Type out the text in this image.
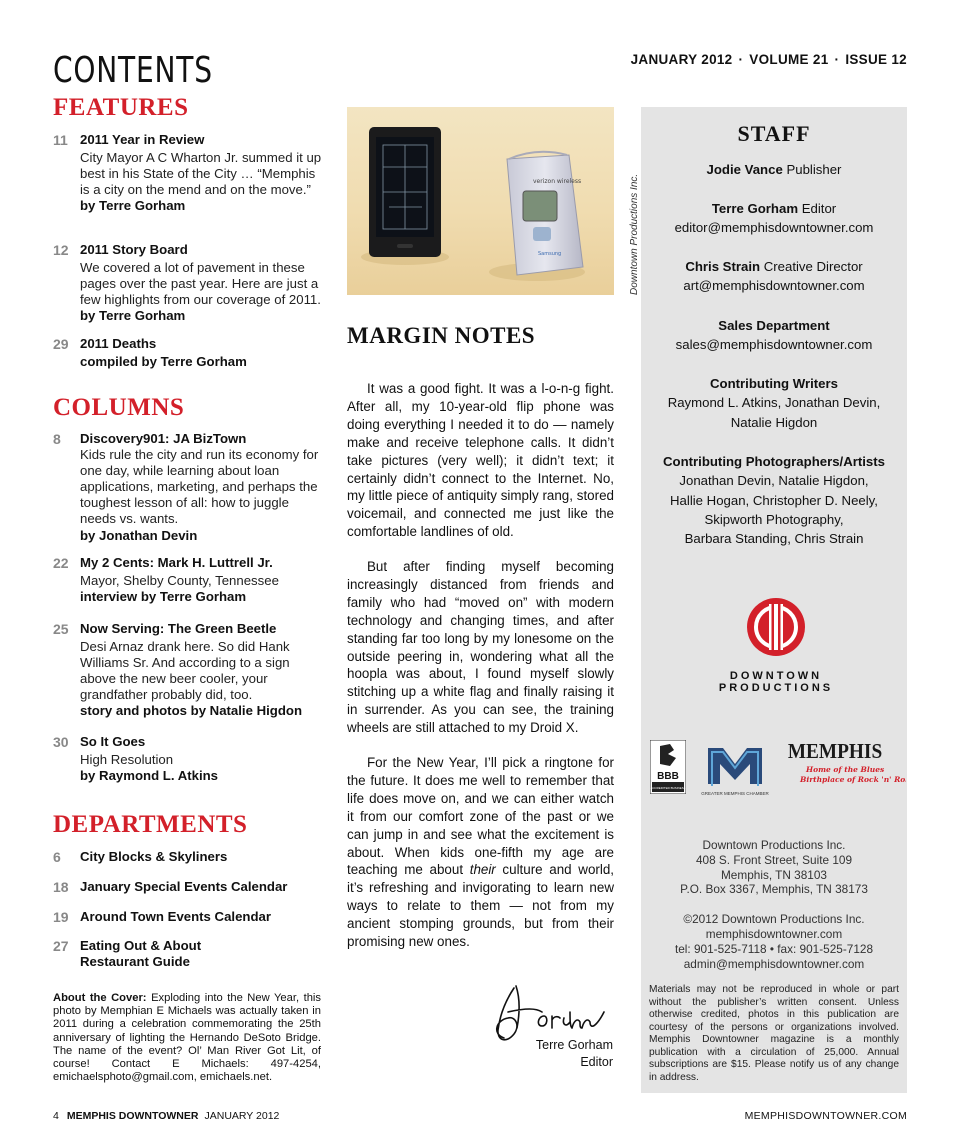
CONTENTS	JANUARY 2012 · VOLUME 21 · ISSUE 12
FEATURES
11 2011 Year in Review
City Mayor A C Wharton Jr. summed it up best in his State of the City … “Memphis is a city on the mend and on the move.”
by Terre Gorham
12 2011 Story Board
We covered a lot of pavement in these pages over the past year. Here are just a few highlights from our coverage of 2011.
by Terre Gorham
29 2011 Deaths
compiled by Terre Gorham
COLUMNS
8 Discovery901: JA BizTown
Kids rule the city and run its economy for one day, while learning about loan applications, marketing, and perhaps the toughest lesson of all: how to juggle needs vs. wants.
by Jonathan Devin
22 My 2 Cents: Mark H. Luttrell Jr.
Mayor, Shelby County, Tennessee
interview by Terre Gorham
25 Now Serving: The Green Beetle
Desi Arnaz drank here. So did Hank Williams Sr. And according to a sign above the new beer cooler, your grandfather probably did, too.
story and photos by Natalie Higdon
30 So It Goes
High Resolution
by Raymond L. Atkins
DEPARTMENTS
6 City Blocks & Skyliners
18 January Special Events Calendar
19 Around Town Events Calendar
27 Eating Out & About
Restaurant Guide
About the Cover: Exploding into the New Year, this photo by Memphian E Michaels was actually taken in 2011 during a celebration commemorating the 25th anniversary of lighting the Hernando DeSoto Bridge. The name of the event? Ol’ Man River Got Lit, of course! Contact E Michaels: 497-4254, emichaelsphoto@gmail.com, emichaels.net.
verizon wireless
Samsung	Downtown Productions Inc.
MARGIN NOTES
It was a good fight. It was a l-o-n-g fight. After all, my 10-year-old flip phone was doing everything I needed it to do — namely make and receive telephone calls. It didn’t take pictures (very well); it didn’t text; it certainly didn’t connect to the Internet. No, my little piece of antiquity simply rang, stored voicemail, and connected me just like the comfortable landlines of old.
But after finding myself becoming increasingly distanced from friends and family who had “moved on” with modern technology and changing times, and after standing far too long by my lonesome on the outside peering in, wondering what all the hoopla was about, I found myself slowly stitching up a white flag and finally raising it in surrender. As you can see, the training wheels are still attached to my Droid X.
For the New Year, I’ll pick a ringtone for the future. It does me well to remember that life does move on, and we can either watch it from our comfort zone of the past or we can jump in and see what the excitement is about. When kids one-fifth my age are teaching me about their culture and world, it’s refreshing and invigorating to learn new ways to relate to them — not from my ancient stomping grounds, but from their promising new ones.
Terre Gorham
Editor
STAFF
Jodie Vance Publisher
Terre Gorham Editor
editor@memphisdowntowner.com
Chris Strain Creative Director
art@memphisdowntowner.com
Sales Department
sales@memphisdowntowner.com
Contributing Writers
Raymond L. Atkins, Jonathan Devin,
Natalie Higdon
Contributing Photographers/Artists
Jonathan Devin, Natalie Higdon,
Hallie Hogan, Christopher D. Neely,
Skipworth Photography,
Barbara Standing, Chris Strain
DOWNTOWN
PRODUCTIONS
BBB
ACCREDITED BUSINESS
GREATER MEMPHIS CHAMBER
MEMPHIS
Home of the Blues
Birthplace of Rock 'n' Roll
Downtown Productions Inc.
408 S. Front Street, Suite 109
Memphis, TN 38103
P.O. Box 3367, Memphis, TN 38173
©2012 Downtown Productions Inc.
memphisdowntowner.com
tel: 901-525-7118 • fax: 901-525-7128
admin@memphisdowntowner.com
Materials may not be reproduced in whole or part without the publisher’s written consent. Unless otherwise credited, photos in this publication are courtesy of the persons or organizations involved. Memphis Downtowner magazine is a monthly publication with a circulation of 25,000. Annual subscriptions are $15. Please notify us of any change in address.
4 MEMPHIS DOWNTOWNER JANUARY 2012	MEMPHISDOWNTOWNER.COM
